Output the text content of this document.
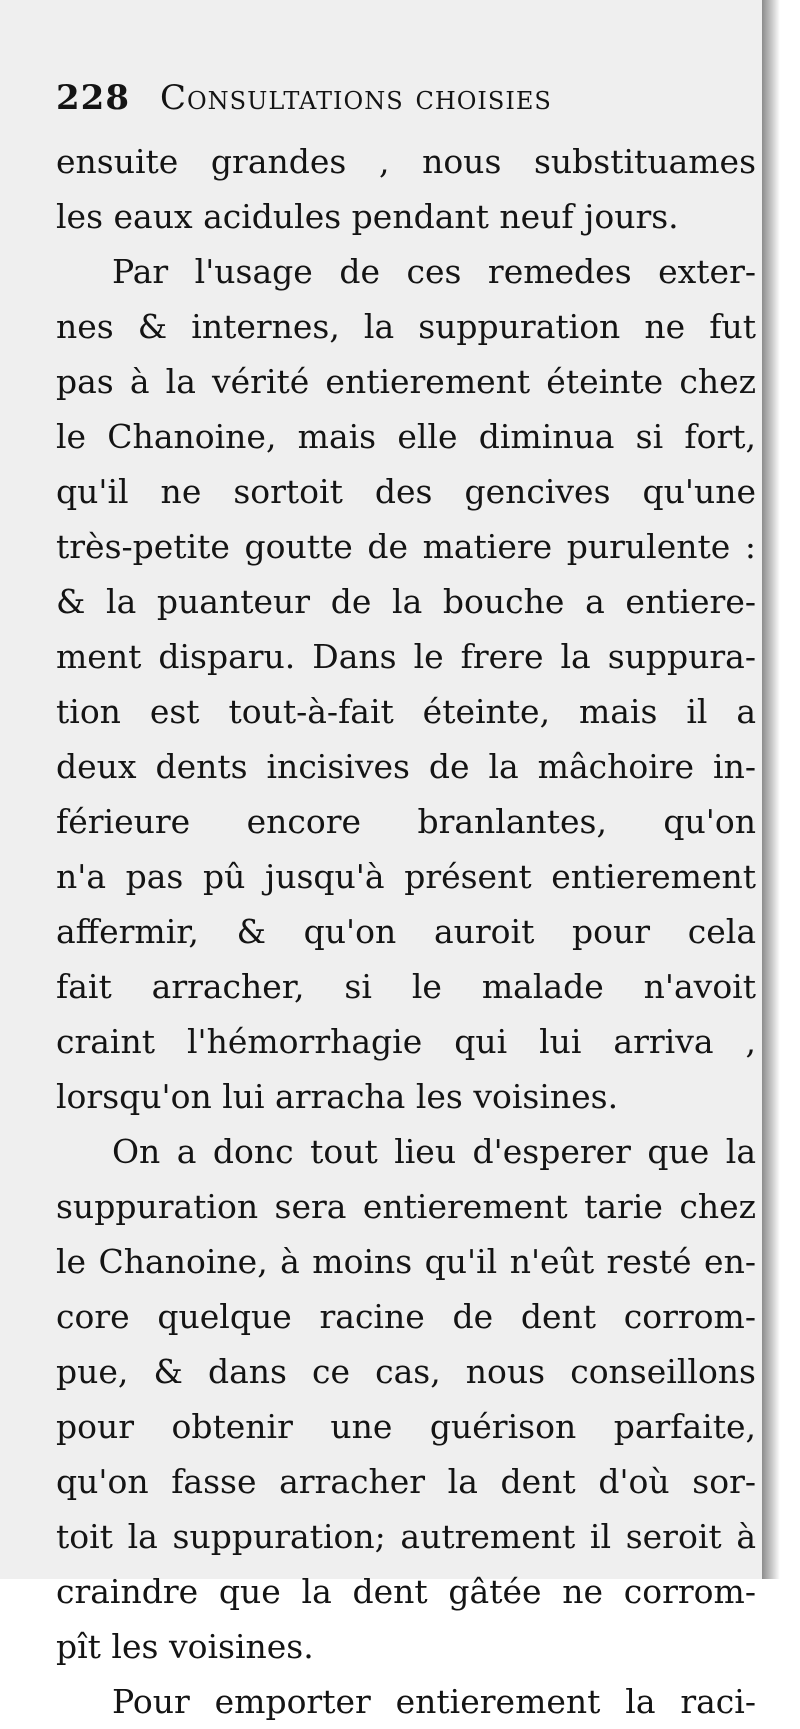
228 Consultations choisies
ensuite grandes , nous substituames
les eaux acidules pendant neuf jours.
Par l'usage de ces remedes exter-
nes & internes, la suppuration ne fut
pas à la vérité entierement éteinte chez
le Chanoine, mais elle diminua si fort,
qu'il ne sortoit des gencives qu'une
très-petite goutte de matiere purulente :
& la puanteur de la bouche a entiere-
ment disparu. Dans le frere la suppura-
tion est tout-à-fait éteinte, mais il a
deux dents incisives de la mâchoire in-
férieure encore branlantes, qu'on
n'a pas pû jusqu'à présent entierement
affermir, & qu'on auroit pour cela
fait arracher, si le malade n'avoit
craint l'hémorrhagie qui lui arriva ,
lorsqu'on lui arracha les voisines.
On a donc tout lieu d'esperer que la
suppuration sera entierement tarie chez
le Chanoine, à moins qu'il n'eût resté en-
core quelque racine de dent corrom-
pue, & dans ce cas, nous conseillons
pour obtenir une guérison parfaite,
qu'on fasse arracher la dent d'où sor-
toit la suppuration; autrement il seroit à
craindre que la dent gâtée ne corrom-
pît les voisines.
Pour emporter entierement la raci-
